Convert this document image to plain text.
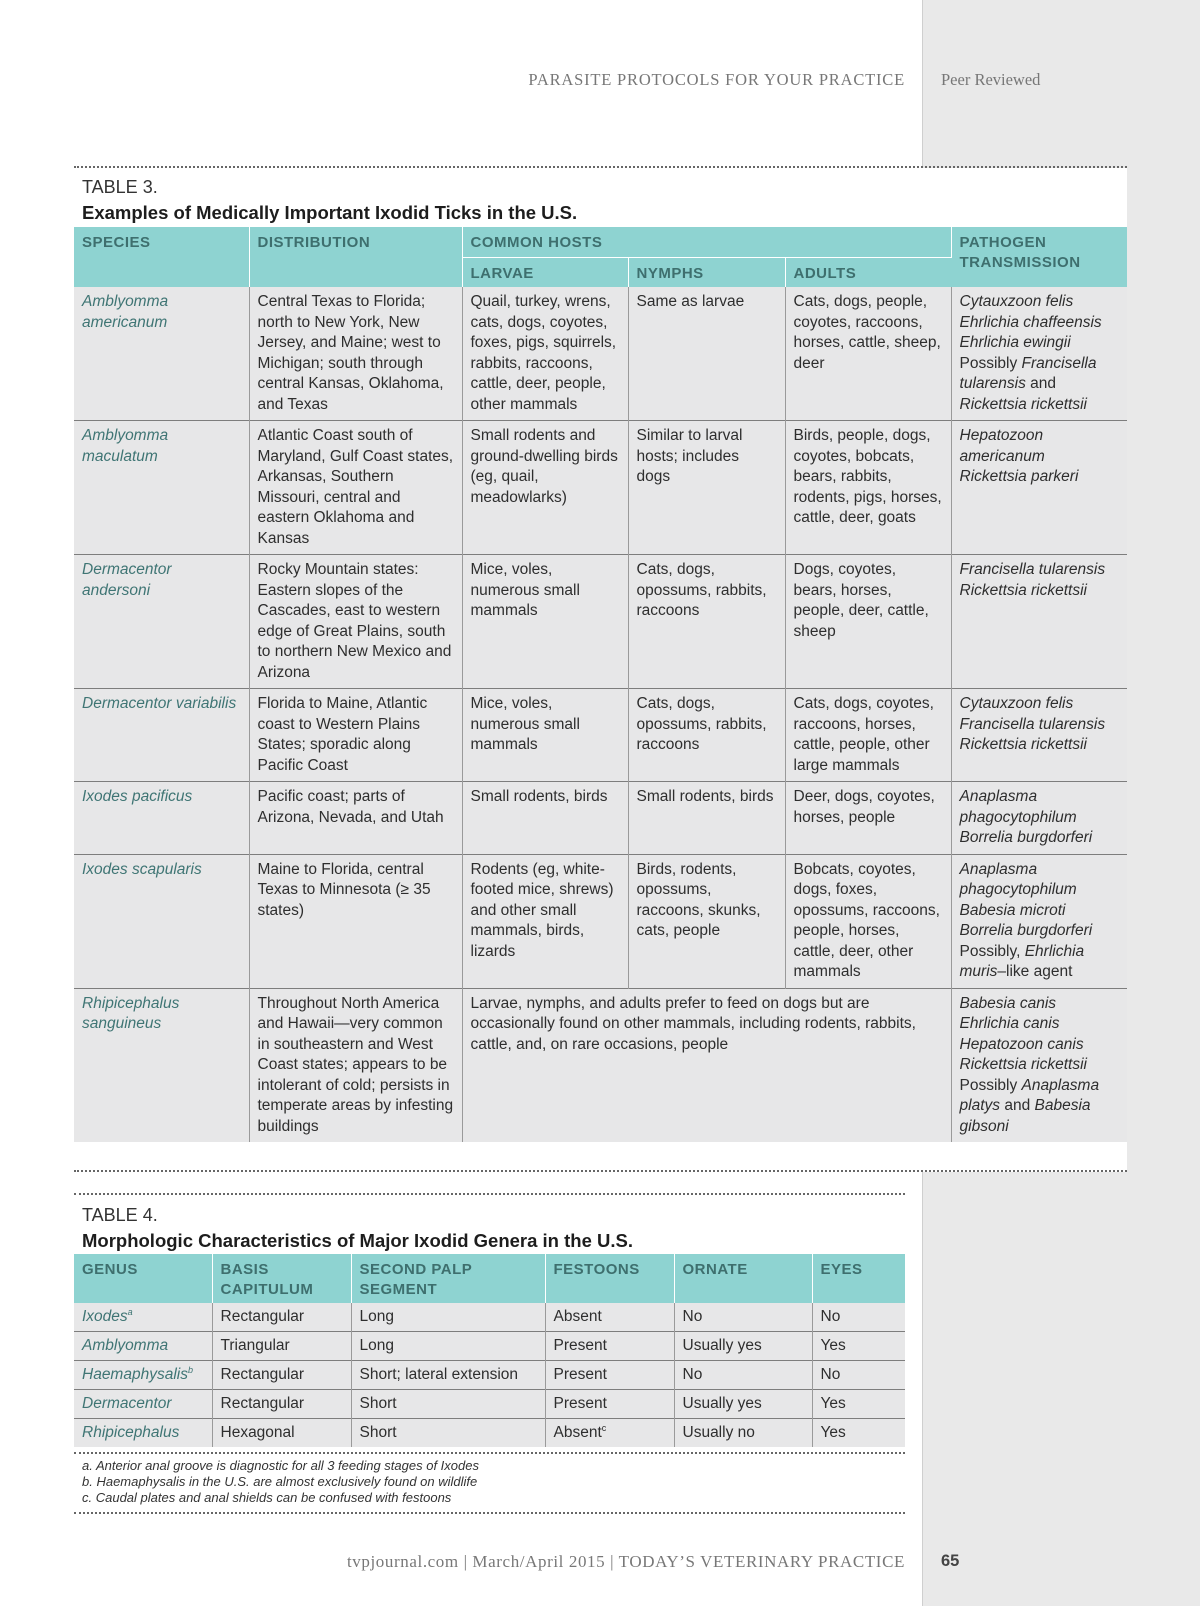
PARASITE PROTOCOLS FOR YOUR PRACTICE Peer Reviewed
TABLE 3.
Examples of Medically Important Ixodid Ticks in the U.S.
SPECIES	DISTRIBUTION	COMMON HOSTS			PATHOGEN TRANSMISSION
		LARVAE	NYMPHS	ADULTS	
Amblyomma americanum	Central Texas to Florida; north to New York, New Jersey, and Maine; west to Michigan; south through central Kansas, Oklahoma, and Texas	Quail, turkey, wrens, cats, dogs, coyotes, foxes, pigs, squirrels, rabbits, raccoons, cattle, deer, people, other mammals	Same as larvae	Cats, dogs, people, coyotes, raccoons, horses, cattle, sheep, deer	Cytauxzoon felis
Ehrlichia chaffeensis
Ehrlichia ewingii
Possibly Francisella tularensis and Rickettsia rickettsii

Amblyomma maculatum	Atlantic Coast south of Maryland, Gulf Coast states, Arkansas, Southern Missouri, central and eastern Oklahoma and Kansas	Small rodents and ground-dwelling birds (eg, quail, meadowlarks)	Similar to larval hosts; includes dogs	Birds, people, dogs, coyotes, bobcats, bears, rabbits, rodents, pigs, horses, cattle, deer, goats	Hepatozoon americanum
Rickettsia parkeri

Dermacentor andersoni	Rocky Mountain states: Eastern slopes of the Cascades, east to western edge of Great Plains, south to northern New Mexico and Arizona	Mice, voles, numerous small mammals	Cats, dogs, opossums, rabbits, raccoons	Dogs, coyotes, bears, horses, people, deer, cattle, sheep	Francisella tularensis
Rickettsia rickettsii

Dermacentor variabilis	Florida to Maine, Atlantic coast to Western Plains States; sporadic along Pacific Coast	Mice, voles, numerous small mammals	Cats, dogs, opossums, rabbits, raccoons	Cats, dogs, coyotes, raccoons, horses, cattle, people, other large mammals	Cytauxzoon felis
Francisella tularensis
Rickettsia rickettsii

Ixodes pacificus	Pacific coast; parts of Arizona, Nevada, and Utah	Small rodents, birds	Small rodents, birds	Deer, dogs, coyotes, horses, people	Anaplasma phagocytophilum
Borrelia burgdorferi

Ixodes scapularis	Maine to Florida, central Texas to Minnesota (≥ 35 states)	Rodents (eg, white-footed mice, shrews) and other small mammals, birds, lizards	Birds, rodents, opossums, raccoons, skunks, cats, people	Bobcats, coyotes, dogs, foxes, opossums, raccoons, people, horses, cattle, deer, other mammals	Anaplasma phagocytophilum
Babesia microti
Borrelia burgdorferi
Possibly, Ehrlichia muris–like agent

Rhipicephalus sanguineus	Throughout North America and Hawaii—very common in southeastern and West Coast states; appears to be intolerant of cold; persists in temperate areas by infesting buildings	Larvae, nymphs, and adults prefer to feed on dogs but are occasionally found on other mammals, including rodents, rabbits, cattle, and, on rare occasions, people			Babesia canis
Ehrlichia canis
Hepatozoon canis
Rickettsia rickettsii
Possibly Anaplasma platys and Babesia gibsoni
TABLE 4.
Morphologic Characteristics of Major Ixodid Genera in the U.S.
GENUS	BASIS CAPITULUM	SECOND PALP SEGMENT	FESTOONS	ORNATE	EYES
Ixodes$^a$	Rectangular	Long	Absent	No	No
Amblyomma	Triangular	Long	Present	Usually yes	Yes
Haemaphysalis$^b$	Rectangular	Short; lateral extension	Present	No	No
Dermacentor	Rectangular	Short	Present	Usually yes	Yes
Rhipicephalus	Hexagonal	Short	Absent$^c$	Usually no	Yes
a. Anterior anal groove is diagnostic for all 3 feeding stages of Ixodes
b. Haemaphysalis in the U.S. are almost exclusively found on wildlife
c. Caudal plates and anal shields can be confused with festoons
tvpjournal.com | March/April 2015 | TODAY’S VETERINARY PRACTICE 65
